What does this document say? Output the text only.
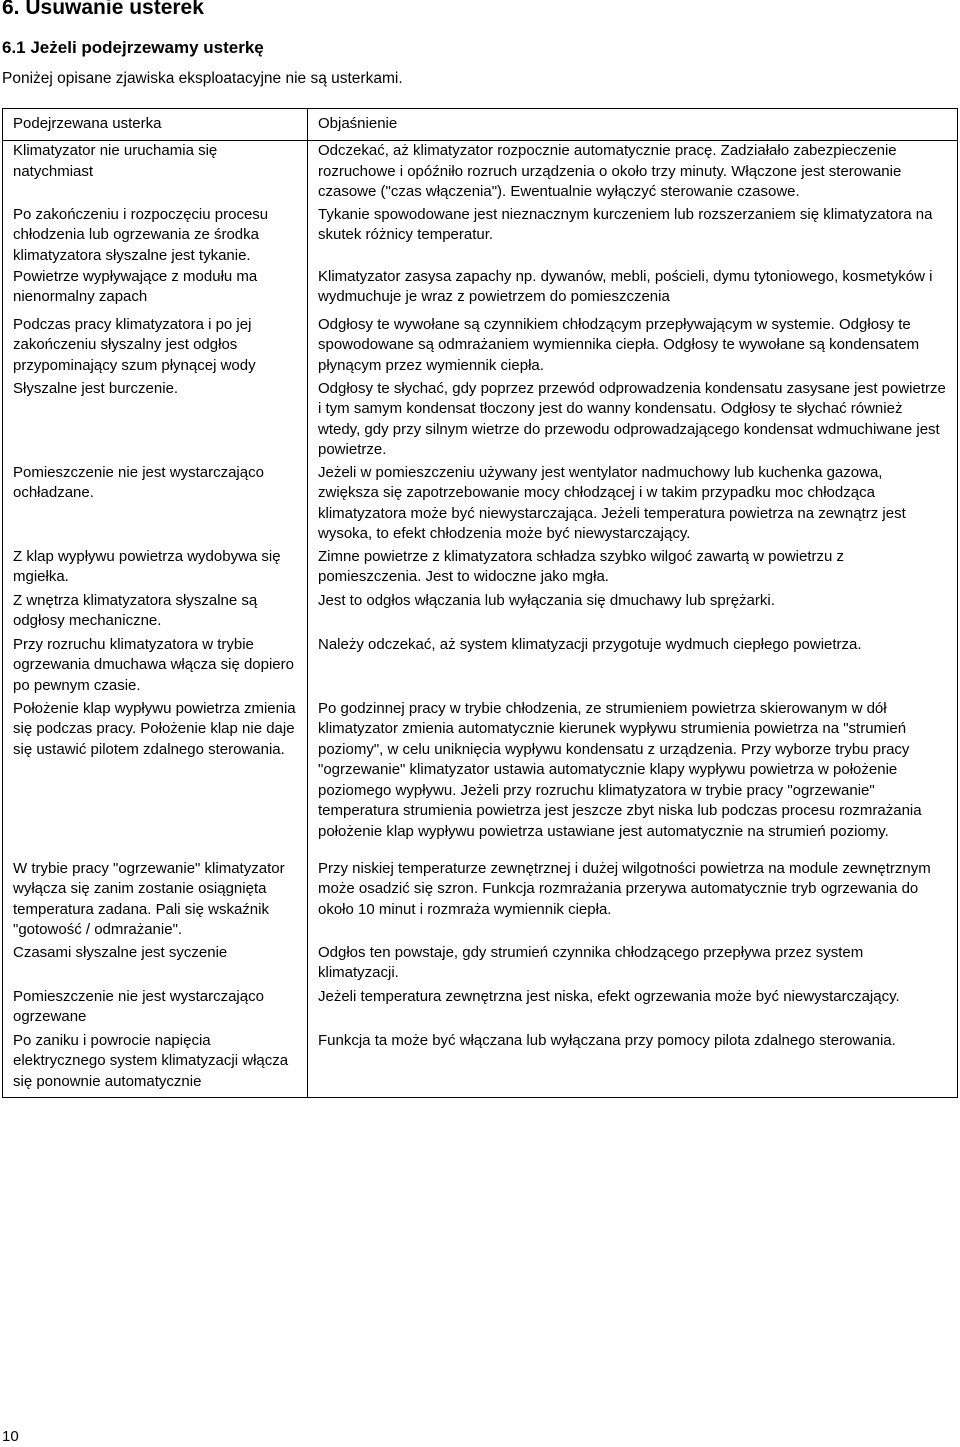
6. Usuwanie usterek
6.1 Jeżeli podejrzewamy usterkę

Poniżej opisane zjawiska eksploatacyjne nie są usterkami.

Podejrzewana usterka	Objaśnienie
Klimatyzator nie uruchamia się natychmiast	Odczekać, aż klimatyzator rozpocznie automatycznie pracę. Zadziałało zabezpieczenie rozruchowe i opóźniło rozruch urządzenia o około trzy minuty. Włączone jest sterowanie czasowe ("czas włączenia"). Ewentualnie wyłączyć sterowanie czasowe.
Po zakończeniu i rozpoczęciu procesu chłodzenia lub ogrzewania ze środka klimatyzatora słyszalne jest tykanie.	Tykanie spowodowane jest nieznacznym kurczeniem lub rozszerzaniem się klimatyzatora na skutek różnicy temperatur.
Powietrze wypływające z modułu ma nienormalny zapach	Klimatyzator zasysa zapachy np. dywanów, mebli, pościeli, dymu tytoniowego, kosmetyków i wydmuchuje je wraz z powietrzem do pomieszczenia
Podczas pracy klimatyzatora i po jej zakończeniu słyszalny jest odgłos przypominający szum płynącej wody	Odgłosy te wywołane są czynnikiem chłodzącym przepływającym w systemie. Odgłosy te spowodowane są odmrażaniem wymiennika ciepła. Odgłosy te wywołane są kondensatem płynącym przez wymiennik ciepła.
Słyszalne jest burczenie.	Odgłosy te słychać, gdy poprzez przewód odprowadzenia kondensatu zasysane jest powietrze i tym samym kondensat tłoczony jest do wanny kondensatu. Odgłosy te słychać również wtedy, gdy przy silnym wietrze do przewodu odprowadzającego kondensat wdmuchiwane jest powietrze.
Pomieszczenie nie jest wystarczająco ochładzane.	Jeżeli w pomieszczeniu używany jest wentylator nadmuchowy lub kuchenka gazowa, zwiększa się zapotrzebowanie mocy chłodzącej i w takim przypadku moc chłodząca klimatyzatora może być niewystarczająca. Jeżeli temperatura powietrza na zewnątrz jest wysoka, to efekt chłodzenia może być niewystarczający.
Z klap wypływu powietrza wydobywa się mgiełka.	Zimne powietrze z klimatyzatora schładza szybko wilgoć zawartą w powietrzu z pomieszczenia. Jest to widoczne jako mgła.
Z wnętrza klimatyzatora słyszalne są odgłosy mechaniczne.	Jest to odgłos włączania lub wyłączania się dmuchawy lub sprężarki.
Przy rozruchu klimatyzatora w trybie ogrzewania dmuchawa włącza się dopiero po pewnym czasie.	Należy odczekać, aż system klimatyzacji przygotuje wydmuch ciepłego powietrza.
Położenie klap wypływu powietrza zmienia się podczas pracy. Położenie klap nie daje się ustawić pilotem zdalnego sterowania.	Po godzinnej pracy w trybie chłodzenia, ze strumieniem powietrza skierowanym w dół klimatyzator zmienia automatycznie kierunek wypływu strumienia powietrza na "strumień poziomy", w celu uniknięcia wypływu kondensatu z urządzenia. Przy wyborze trybu pracy "ogrzewanie" klimatyzator ustawia automatycznie klapy wypływu powietrza w położenie poziomego wypływu. Jeżeli przy rozruchu klimatyzatora w trybie pracy "ogrzewanie" temperatura strumienia powietrza jest jeszcze zbyt niska lub podczas procesu rozmrażania położenie klap wypływu powietrza ustawiane jest automatycznie na strumień poziomy.
W trybie pracy "ogrzewanie" klimatyzator wyłącza się zanim zostanie osiągnięta temperatura zadana. Pali się wskaźnik "gotowość / odmrażanie".	Przy niskiej temperaturze zewnętrznej i dużej wilgotności powietrza na module zewnętrznym może osadzić się szron. Funkcja rozmrażania przerywa automatycznie tryb ogrzewania do około 10 minut i rozmraża wymiennik ciepła.
Czasami słyszalne jest syczenie	Odgłos ten powstaje, gdy strumień czynnika chłodzącego przepływa przez system klimatyzacji.
Pomieszczenie nie jest wystarczająco ogrzewane	Jeżeli temperatura zewnętrzna jest niska, efekt ogrzewania może być niewystarczający.
Po zaniku i powrocie napięcia elektrycznego system klimatyzacji włącza się ponownie automatycznie	Funkcja ta może być włączana lub wyłączana przy pomocy pilota zdalnego sterowania.
10
